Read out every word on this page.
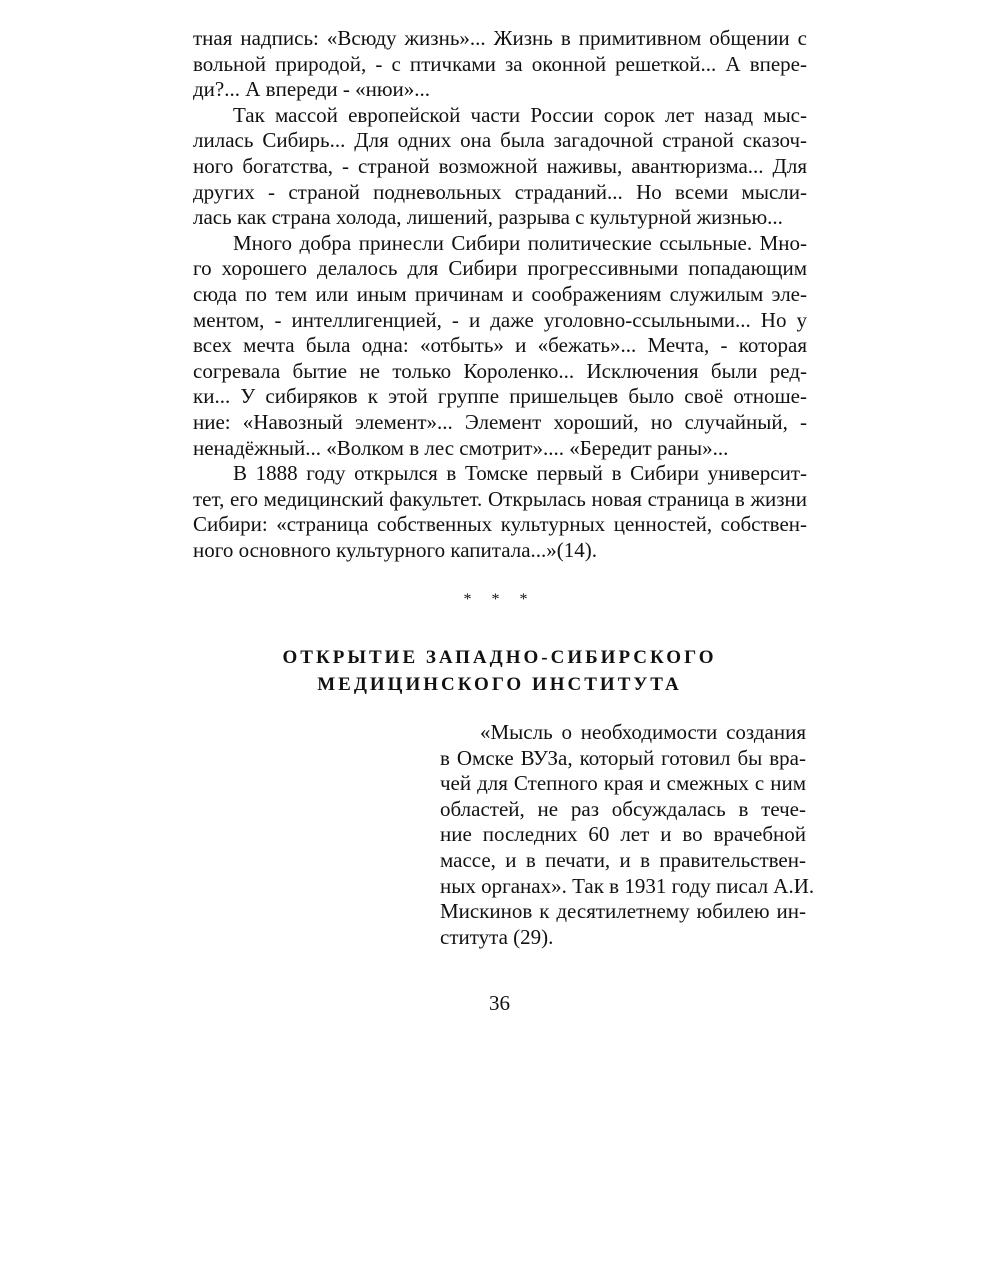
тная надпись: «Всюду жизнь»... Жизнь в примитивном общении с
вольной природой, - с птичками за оконной решеткой... А впере-
ди?... А впереди - «нюи»...
Так массой европейской части России сорок лет назад мыс-
лилась Сибирь... Для одних она была загадочной страной сказоч-
ного богатства, - страной возможной наживы, авантюризма... Для
других - страной подневольных страданий... Но всеми мысли-
лась как страна холода, лишений, разрыва с культурной жизнью...
Много добра принесли Сибири политические ссыльные. Мно-
го хорошего делалось для Сибири прогрессивными попадающим
сюда по тем или иным причинам и соображениям служилым эле-
ментом, - интеллигенцией, - и даже уголовно-ссыльными... Но у
всех мечта была одна: «отбыть» и «бежать»... Мечта, - которая
согревала бытие не только Короленко... Исключения были ред-
ки... У сибиряков к этой группе пришельцев было своё отноше-
ние: «Навозный элемент»... Элемент хороший, но случайный, -
ненадёжный... «Волком в лес смотрит».... «Бередит раны»...
В 1888 году открылся в Томске первый в Сибири университ-
тет, его медицинский факультет. Открылась новая страница в жизни
Сибири: «страница собственных культурных ценностей, собствен-
ного основного культурного капитала...»(14).
* * *
ОТКРЫТИЕ ЗАПАДНО-СИБИРСКОГО
МЕДИЦИНСКОГО ИНСТИТУТА
«Мысль о необходимости создания
в Омске ВУЗа, который готовил бы вра-
чей для Степного края и смежных с ним
областей, не раз обсуждалась в тече-
ние последних 60 лет и во врачебной
массе, и в печати, и в правительствен-
ных органах». Так в 1931 году писал А.И.
Мискинов к десятилетнему юбилею ин-
ститута (29).
36
